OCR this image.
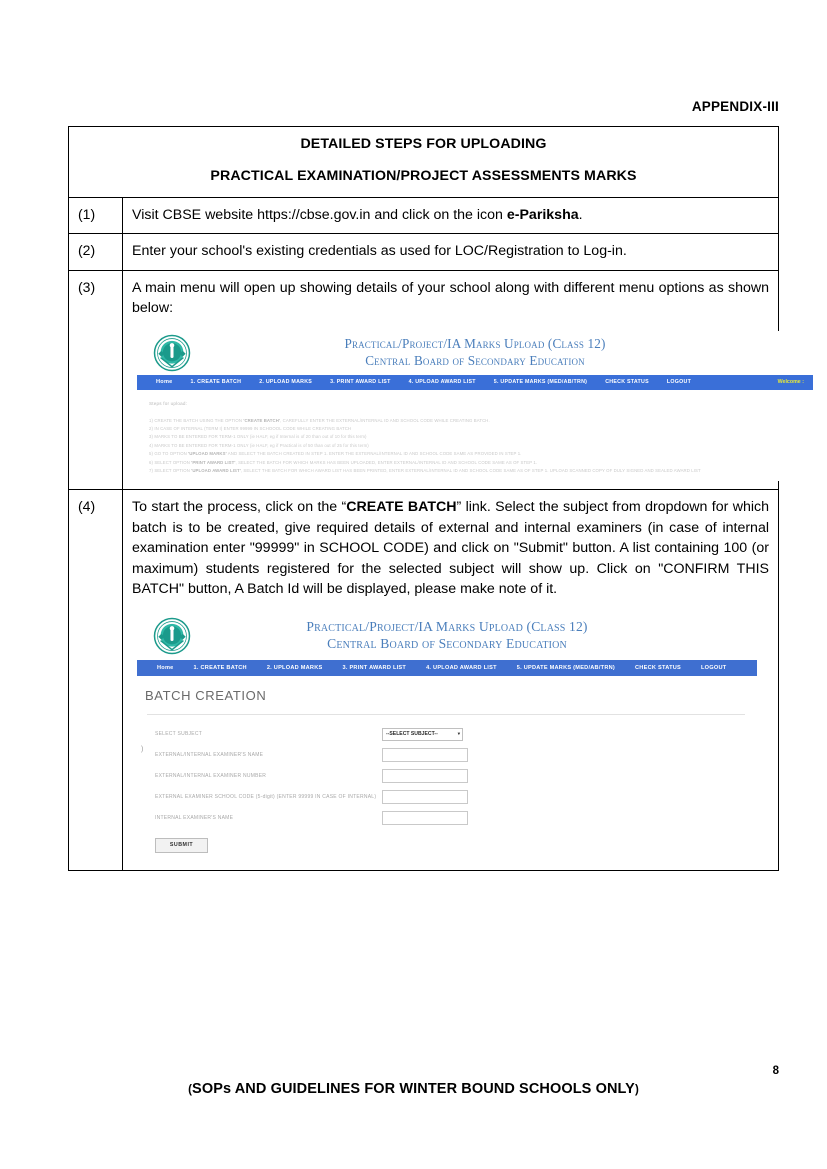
APPENDIX-III
DETAILED STEPS FOR UPLOADING
PRACTICAL EXAMINATION/PROJECT ASSESSMENTS MARKS	

(1)	Visit CBSE website https://cbse.gov.in and click on the icon e-Pariksha.
(2)	Enter your school's existing credentials as used for LOC/Registration to Log-in.
(3)	A main menu will open up showing details of your school along with different menu options as shown below:
Practical/Project/IA Marks Upload (Class 12)
Central Board of Secondary Education
Home	1. CREATE BATCH	2. UPLOAD MARKS	3. PRINT AWARD LIST	4. UPLOAD AWARD LIST	5. UPDATE MARKS (MED/AB/TRN)	CHECK STATUS	LOGOUT	Welcome :
Steps for upload:
1) CREATE THE BATCH USING THE OPTION 'CREATE BATCH', CAREFULLY ENTER THE EXTERNAL/INTERNAL ID AND SCHOOL CODE WHILE CREATING BATCH.
2) IN CASE OF INTERNAL (TERM I) ENTER 99999 IN SCHOOOL CODE WHILE CREATING BATCH
3) MARKS TO BE ENTERED FOR TERM-1 ONLY (ie HALF, eg if Internal is of 20 than out of 10 for this term)
4) MARKS TO BE ENTERED FOR TERM-1 ONLY (ie HALF, eg if Practical is of 50 than out of 25 for this term)
5) GO TO OPTION 'UPLOAD MARKS' AND SELECT THE BATCH CREATED IN STEP 1. ENTER THE EXTERNAL/INTERNAL ID AND SCHOOL CODE SAME AS PROVIDED IN STEP 1.
6) SELECT OPTION 'PRINT AWARD LIST', SELECT THE BATCH FOR WHICH MARKS HAS BEEN UPLOADED, ENTER EXTERNAL/INTERNAL ID AND SCHOOL CODE SAME AS OF STEP 1.
7) SELECT OPTION 'UPLOAD AWARD LIST', SELECT THE BATCH FOR WHICH AWARD LIST HAS BEEN PRINTED, ENTER EXTERNAL/INTERNAL ID AND SCHOOL CODE SAME AS OF STEP 1. UPLOAD SCANNED COPY OF DULY SIGNED AND SEALED AWARD LIST

(4)	To start the process, click on the “CREATE BATCH” link. Select the subject from dropdown for which batch is to be created, give required details of external and internal examiners (in case of internal examination enter "99999" in SCHOOL CODE) and click on "Submit" button. A list containing 100 (or maximum) students registered for the selected subject will show up. Click on "CONFIRM THIS BATCH" button, A Batch Id will be displayed, please make note of it.
Practical/Project/IA Marks Upload (Class 12)
Central Board of Secondary Education
Home	1. CREATE BATCH	2. UPLOAD MARKS	3. PRINT AWARD LIST	4. UPLOAD AWARD LIST	5. UPDATE MARKS (MED/AB/TRN)	CHECK STATUS	LOGOUT
BATCH CREATION
)
SELECT SUBJECT	--SELECT SUBJECT--	▾
EXTERNAL/INTERNAL EXAMINER'S NAME
EXTERNAL/INTERNAL EXAMINER NUMBER
EXTERNAL EXAMINER SCHOOL CODE (5-digit) (ENTER 99999 IN CASE OF INTERNAL)
INTERNAL EXAMINER'S NAME
SUBMIT
8
(SOPs AND GUIDELINES FOR WINTER BOUND SCHOOLS ONLY)
